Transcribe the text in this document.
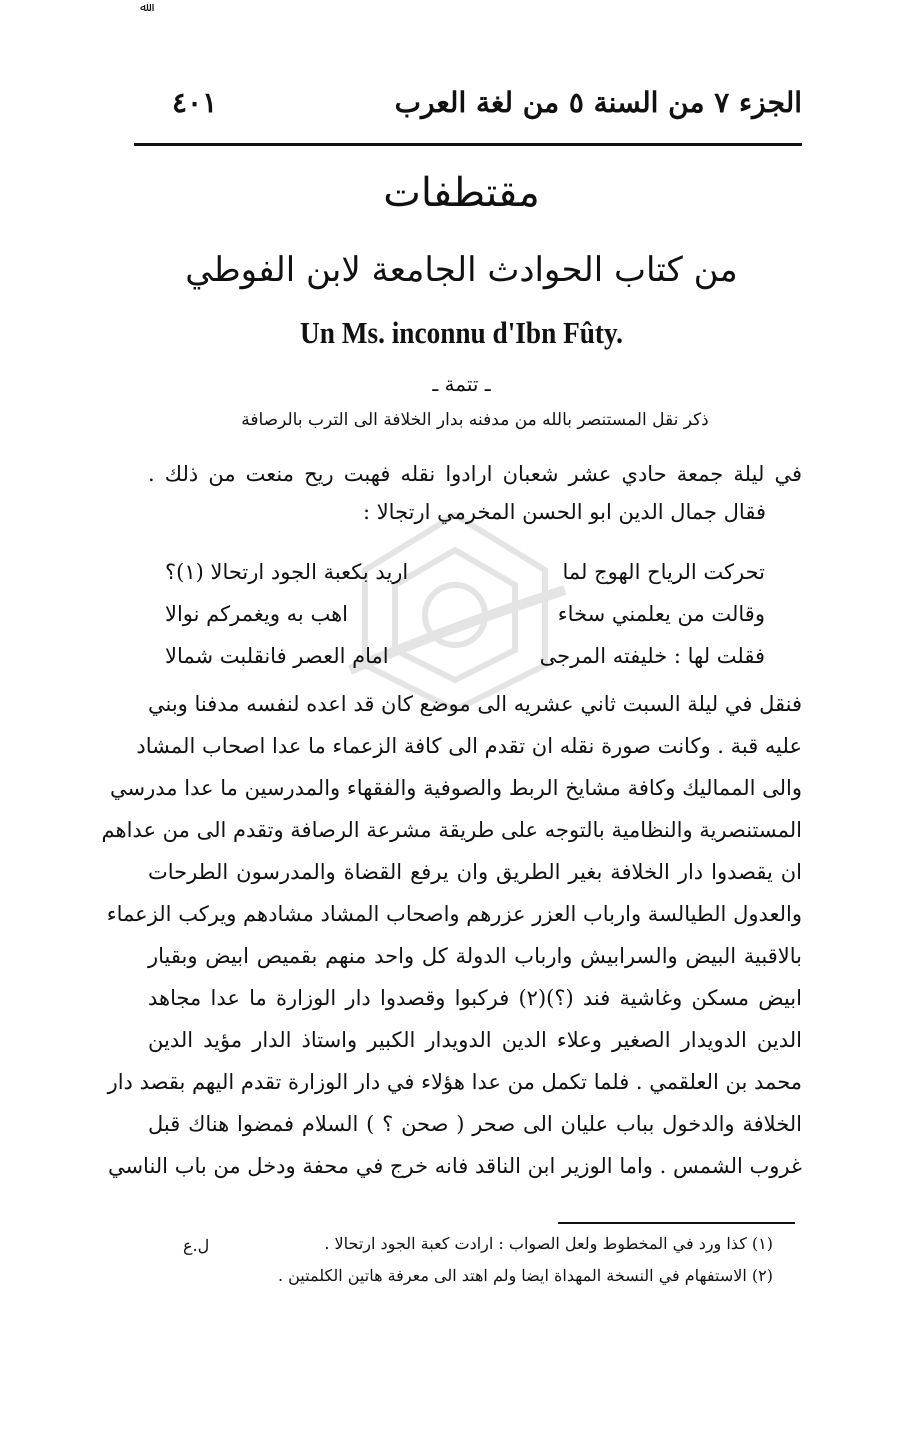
ﷲ
الجزء ٧ من السنة ٥ من لغة العرب
٤٠١
مقتطفات
من كتاب الحوادث الجامعة لابن الفوطي
Un Ms. inconnu d'Ibn Fûty.
ـ تتمة ـ
ذكر نقل المستنصر بالله من مدفنه بدار الخلافة الى الترب بالرصافة
في ليلة جمعة حادي عشر شعبان ارادوا نقله فهبت ريح منعت من ذلك .
فقال جمال الدين ابو الحسن المخرمي ارتجالا :
تحركت الرياح الهوج لما
اريد بكعبة الجود ارتحالا (١)؟
وقالت من يعلمني سخاء
اهب به ويغمركم نوالا
فقلت لها : خليفته المرجى
امام العصر فانقلبت شمالا
فنقل في ليلة السبت ثاني عشريه الى موضع كان قد اعده لنفسه مدفنا وبني
عليه قبة . وكانت صورة نقله ان تقدم الى كافة الزعماء ما عدا اصحاب المشاد
والى المماليك وكافة مشايخ الربط والصوفية والفقهاء والمدرسين ما عدا مدرسي
المستنصرية والنظامية بالتوجه على طريقة مشرعة الرصافة وتقدم الى من عداهم
ان يقصدوا دار الخلافة بغير الطريق وان يرفع القضاة والمدرسون الطرحات
والعدول الطيالسة وارباب العزر عزرهم واصحاب المشاد مشادهم ويركب الزعماء
بالاقبية البيض والسرابيش وارباب الدولة كل واحد منهم بقميص ابيض وبقيار
ابيض مسكن وغاشية فند (؟)(٢) فركبوا وقصدوا دار الوزارة ما عدا مجاهد
الدين الدويدار الصغير وعلاء الدين الدويدار الكبير واستاذ الدار مؤيد الدين
محمد بن العلقمي . فلما تكمل من عدا هؤلاء في دار الوزارة تقدم اليهم بقصد دار
الخلافة والدخول بباب عليان الى صحر ( صحن ؟ ) السلام فمضوا هناك قبل
غروب الشمس . واما الوزير ابن الناقد فانه خرج في محفة ودخل من باب الناسي
(١) كذا ورد في المخطوط ولعل الصواب : ارادت كعبة الجود ارتحالا .
ل.ع
(٢) الاستفهام في النسخة المهداة ايضا ولم اهتد الى معرفة هاتين الكلمتين .
